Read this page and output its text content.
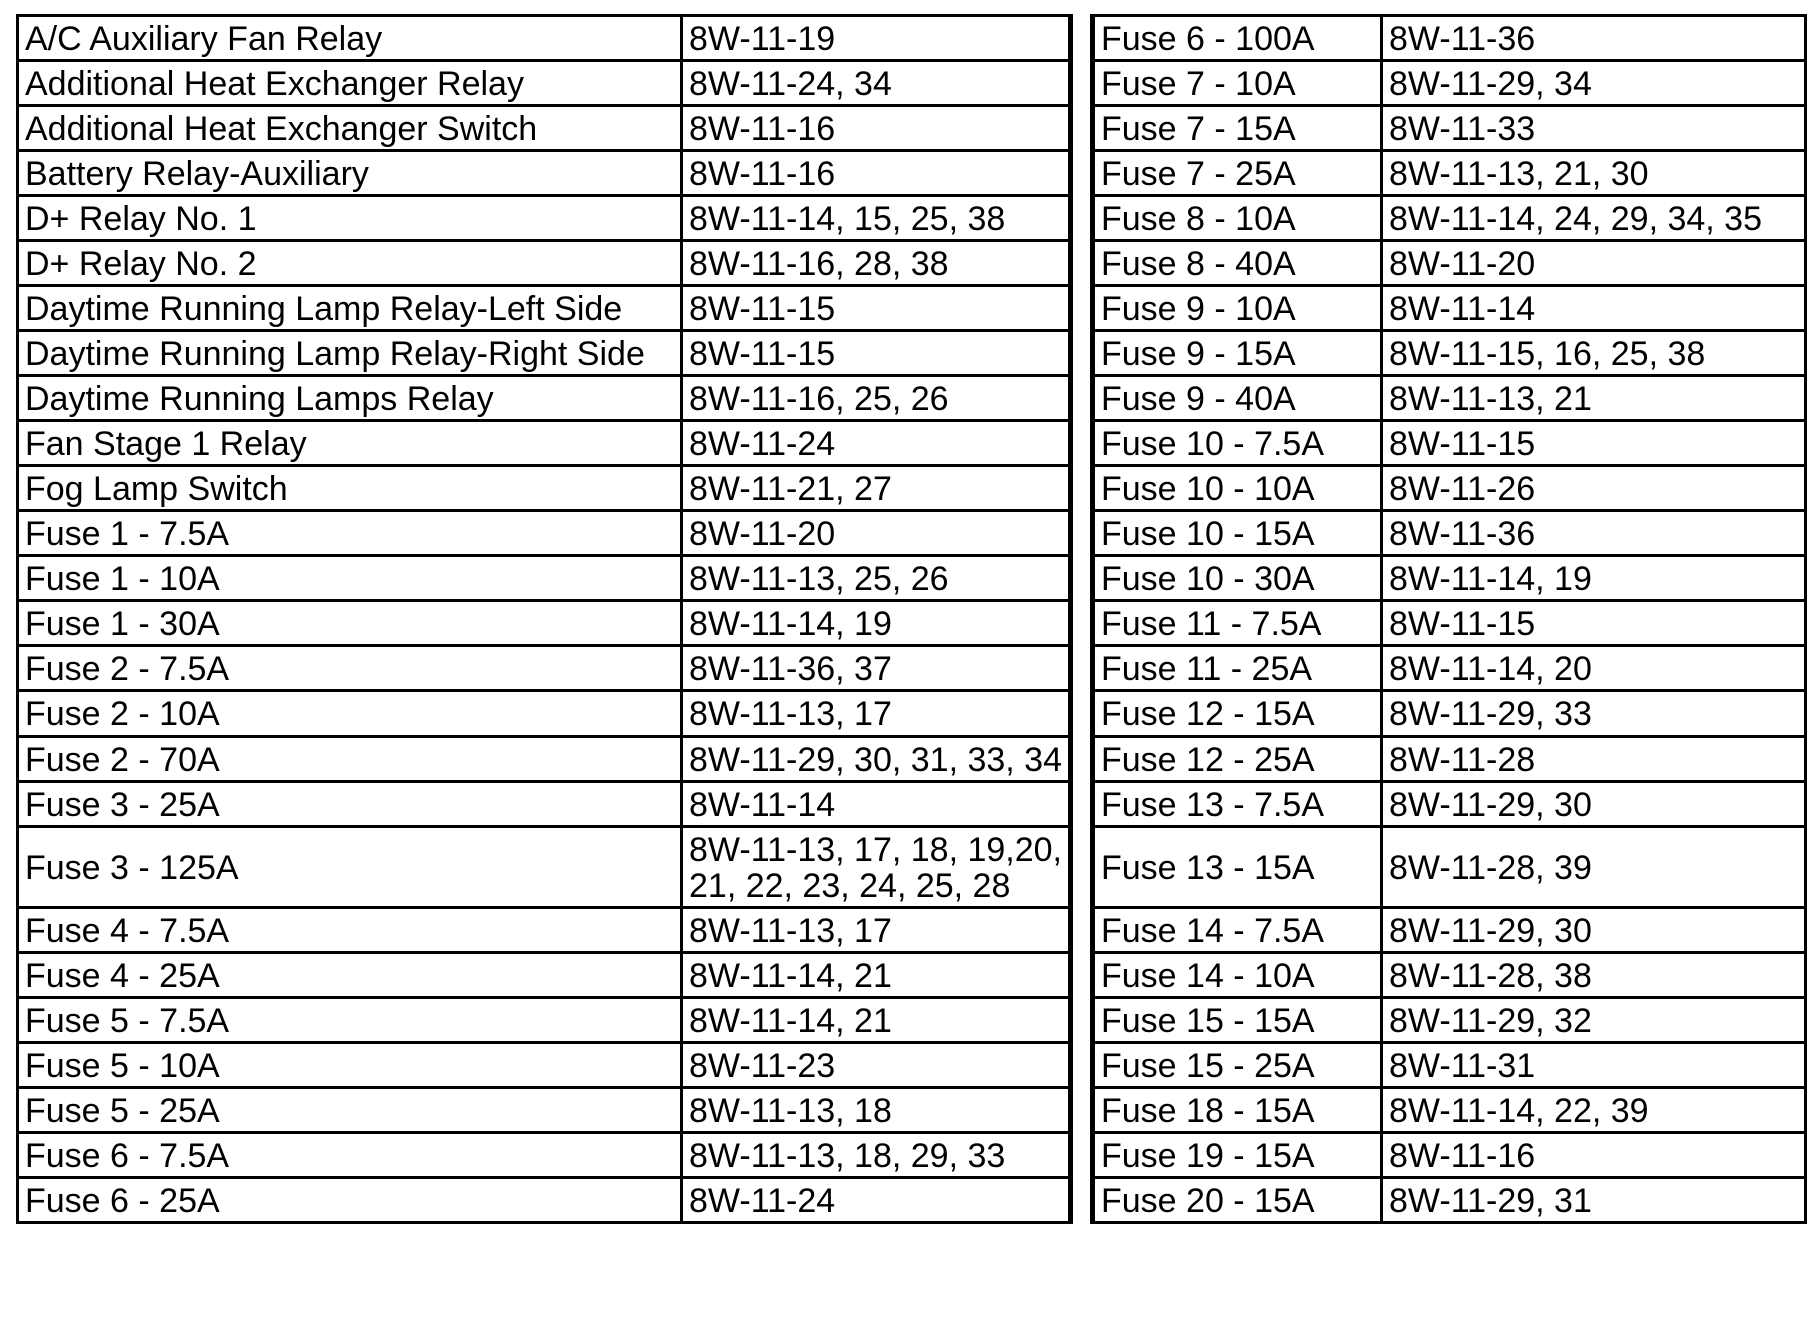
A/C Auxiliary Fan Relay	8W-11-19
Additional Heat Exchanger Relay	8W-11-24, 34
Additional Heat Exchanger Switch	8W-11-16
Battery Relay-Auxiliary	8W-11-16
D+ Relay No. 1	8W-11-14, 15, 25, 38
D+ Relay No. 2	8W-11-16, 28, 38
Daytime Running Lamp Relay-Left Side	8W-11-15
Daytime Running Lamp Relay-Right Side	8W-11-15
Daytime Running Lamps Relay	8W-11-16, 25, 26
Fan Stage 1 Relay	8W-11-24
Fog Lamp Switch	8W-11-21, 27
Fuse 1 - 7.5A	8W-11-20
Fuse 1 - 10A	8W-11-13, 25, 26
Fuse 1 - 30A	8W-11-14, 19
Fuse 2 - 7.5A	8W-11-36, 37
Fuse 2 - 10A	8W-11-13, 17
Fuse 2 - 70A	8W-11-29, 30, 31, 33, 34
Fuse 3 - 25A	8W-11-14
Fuse 3 - 125A	8W-11-13, 17, 18, 19,20, 21, 22, 23, 24, 25, 28
Fuse 4 - 7.5A	8W-11-13, 17
Fuse 4 - 25A	8W-11-14, 21
Fuse 5 - 7.5A	8W-11-14, 21
Fuse 5 - 10A	8W-11-23
Fuse 5 - 25A	8W-11-13, 18
Fuse 6 - 7.5A	8W-11-13, 18, 29, 33
Fuse 6 - 25A	8W-11-24
Fuse 6 - 100A	8W-11-36
Fuse 7 - 10A	8W-11-29, 34
Fuse 7 - 15A	8W-11-33
Fuse 7 - 25A	8W-11-13, 21, 30
Fuse 8 - 10A	8W-11-14, 24, 29, 34, 35
Fuse 8 - 40A	8W-11-20
Fuse 9 - 10A	8W-11-14
Fuse 9 - 15A	8W-11-15, 16, 25, 38
Fuse 9 - 40A	8W-11-13, 21
Fuse 10 - 7.5A	8W-11-15
Fuse 10 - 10A	8W-11-26
Fuse 10 - 15A	8W-11-36
Fuse 10 - 30A	8W-11-14, 19
Fuse 11 - 7.5A	8W-11-15
Fuse 11 - 25A	8W-11-14, 20
Fuse 12 - 15A	8W-11-29, 33
Fuse 12 - 25A	8W-11-28
Fuse 13 - 7.5A	8W-11-29, 30
Fuse 13 - 15A	8W-11-28, 39
Fuse 14 - 7.5A	8W-11-29, 30
Fuse 14 - 10A	8W-11-28, 38
Fuse 15 - 15A	8W-11-29, 32
Fuse 15 - 25A	8W-11-31
Fuse 18 - 15A	8W-11-14, 22, 39
Fuse 19 - 15A	8W-11-16
Fuse 20 - 15A	8W-11-29, 31
